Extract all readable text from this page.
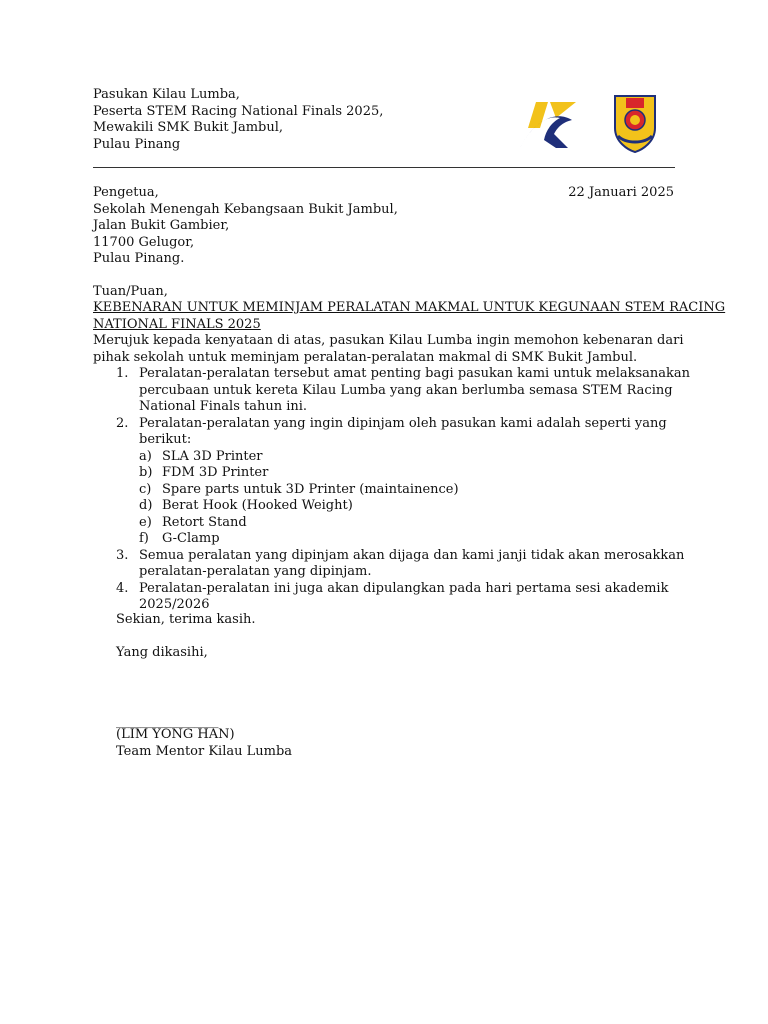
Pasukan Kilau Lumba,
Peserta STEM Racing National Finals 2025,
Mewakili SMK Bukit Jambul,
Pulau Pinang
Pengetua,
Sekolah Menengah Kebangsaan Bukit Jambul,
Jalan Bukit Gambier,
11700 Gelugor,
Pulau Pinang.
22 Januari 2025
Tuan/Puan,
KEBENARAN UNTUK MEMINJAM PERALATAN MAKMAL UNTUK KEGUNAAN STEM RACING
NATIONAL FINALS 2025
Merujuk kepada kenyataan di atas, pasukan Kilau Lumba ingin memohon kebenaran dari
pihak sekolah untuk meminjam peralatan-peralatan makmal di SMK Bukit Jambul.
1. Peralatan-peralatan tersebut amat penting bagi pasukan kami untuk melaksanakan
percubaan untuk kereta Kilau Lumba yang akan berlumba semasa STEM Racing
National Finals tahun ini.
2. Peralatan-peralatan yang ingin dipinjam oleh pasukan kami adalah seperti yang
berikut:
a) SLA 3D Printer
b) FDM 3D Printer
c) Spare parts untuk 3D Printer (maintainence)
d) Berat Hook (Hooked Weight)
e) Retort Stand
f) G-Clamp
3. Semua peralatan yang dipinjam akan dijaga dan kami janji tidak akan merosakkan
peralatan-peralatan yang dipinjam.
4. Peralatan-peralatan ini juga akan dipulangkan pada hari pertama sesi akademik
2025/2026
Sekian, terima kasih.
Yang dikasihi,
_________________
(LIM YONG HAN)
Team Mentor Kilau Lumba
